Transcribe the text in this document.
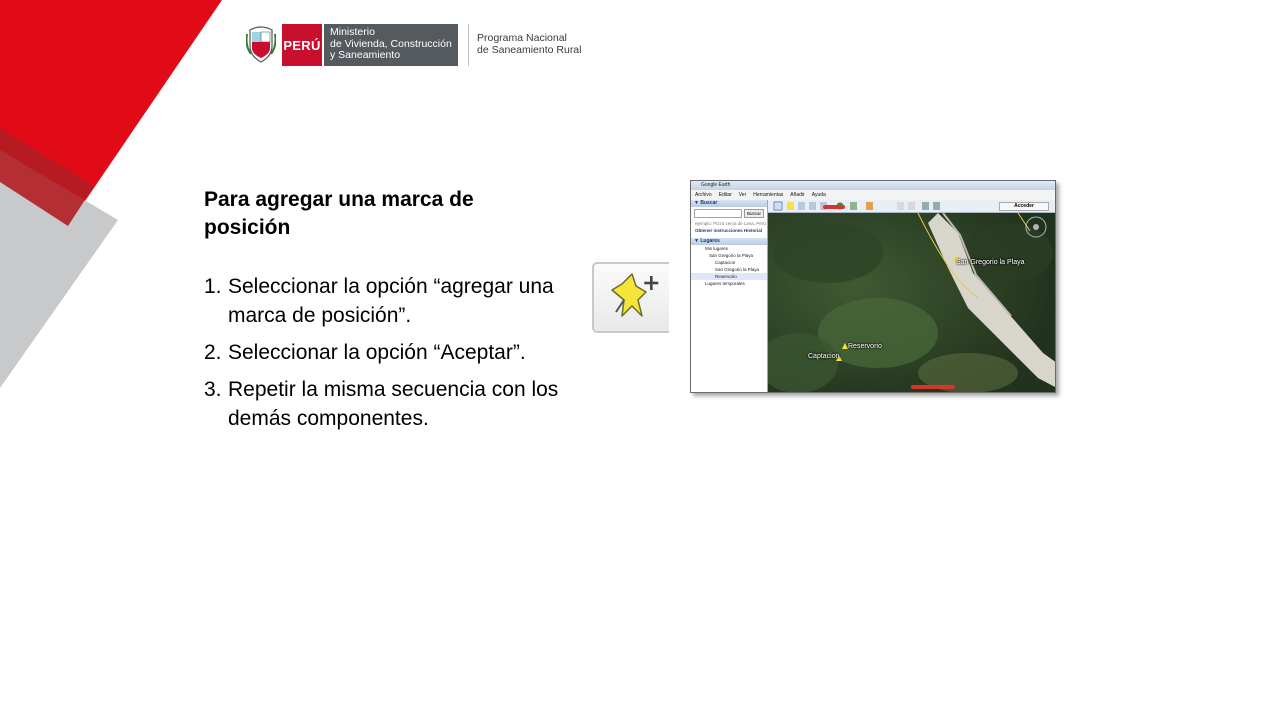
PERÚ
Ministerio
de Vivienda, Construcción
y Saneamiento
Programa Nacional
de Saneamiento Rural
Para agregar una marca de posición
1. Seleccionar la opción “agregar una marca de posición”.
2. Seleccionar la opción “Aceptar”.
3. Repetir la misma secuencia con los demás componentes.
Google Earth
Archivo Editar Ver Herramientas Añadir Ayuda
▼ Buscar
Buscar
ejemplo: Pizza cerca de Lima, Perú
Obtener instrucciones Historial
▼ Lugares
Mis lugares
San Gregorio la Playa
Captacion
San Gregorio la Playa
Reservorio
Lugares temporales
Acceder
San Gregorio la Playa
Reservorio
Captacion
